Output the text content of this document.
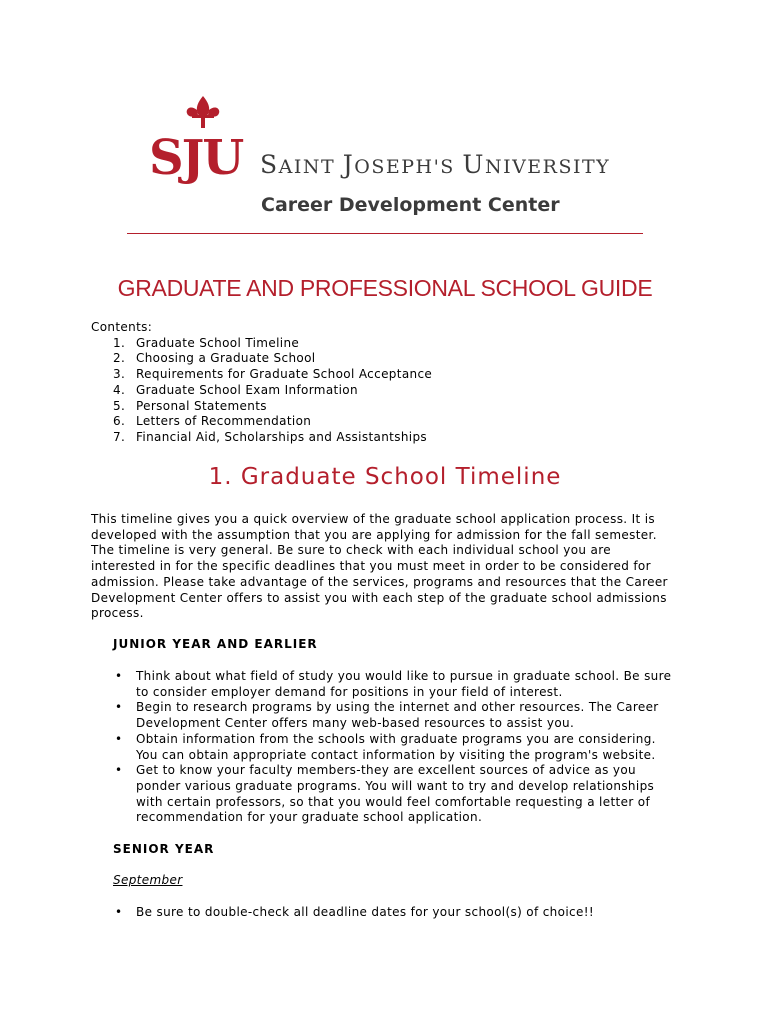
SJU SAINT JOSEPH'S UNIVERSITY
Career Development Center
GRADUATE AND PROFESSIONAL SCHOOL GUIDE
Contents:
1. Graduate School Timeline
2. Choosing a Graduate School
3. Requirements for Graduate School Acceptance
4. Graduate School Exam Information
5. Personal Statements
6. Letters of Recommendation
7. Financial Aid, Scholarships and Assistantships
1. Graduate School Timeline

This timeline gives you a quick overview of the graduate school application process. It is
developed with the assumption that you are applying for admission for the fall semester.
The timeline is very general. Be sure to check with each individual school you are
interested in for the specific deadlines that you must meet in order to be considered for
admission. Please take advantage of the services, programs and resources that the Career
Development Center offers to assist you with each step of the graduate school admissions
process.

JUNIOR YEAR AND EARLIER
• Think about what field of study you would like to pursue in graduate school. Be sure
to consider employer demand for positions in your field of interest.
• Begin to research programs by using the internet and other resources. The Career
Development Center offers many web-based resources to assist you.
• Obtain information from the schools with graduate programs you are considering.
You can obtain appropriate contact information by visiting the program's website.
• Get to know your faculty members-they are excellent sources of advice as you
ponder various graduate programs. You will want to try and develop relationships
with certain professors, so that you would feel comfortable requesting a letter of
recommendation for your graduate school application.
SENIOR YEAR
September
• Be sure to double-check all deadline dates for your school(s) of choice!!
